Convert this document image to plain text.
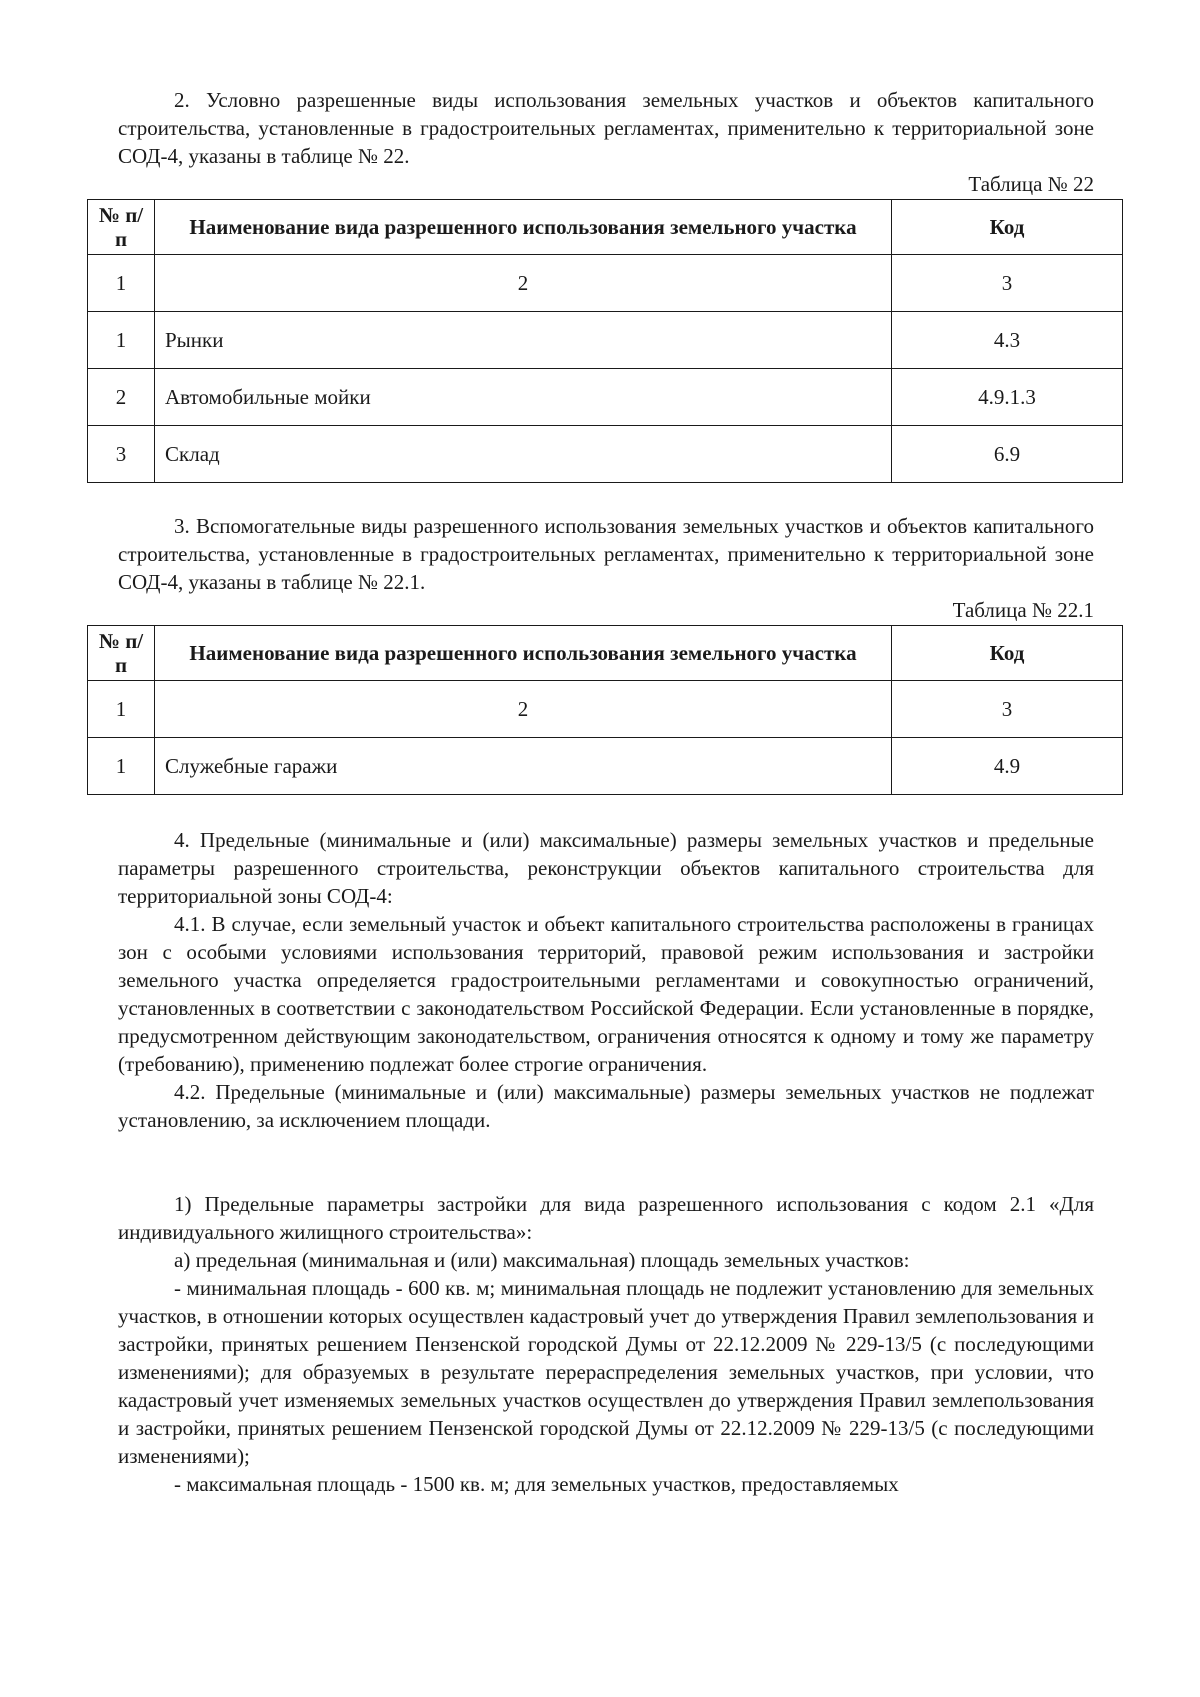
2. Условно разрешенные виды использования земельных участков и объектов капитального строительства, установленные в градостроительных регламентах, применительно к территориальной зоне СОД-4, указаны в таблице № 22.

Таблица № 22
№ п/п	Наименование вида разрешенного использования земельного участка	Код
1	2	3
1	Рынки	4.3
2	Автомобильные мойки	4.9.1.3
3	Склад	6.9

3. Вспомогательные виды разрешенного использования земельных участков и объектов капитального строительства, установленные в градостроительных регламентах, применительно к территориальной зоне СОД-4, указаны в таблице № 22.1.

Таблица № 22.1
№ п/п	Наименование вида разрешенного использования земельного участка	Код
1	2	3
1	Служебные гаражи	4.9

4. Предельные (минимальные и (или) максимальные) размеры земельных участков и предельные параметры разрешенного строительства, реконструкции объектов капитального строительства для территориальной зоны СОД-4:

4.1. В случае, если земельный участок и объект капитального строительства расположены в границах зон с особыми условиями использования территорий, правовой режим использования и застройки земельного участка определяется градостроительными регламентами и совокупностью ограничений, установленных в соответствии с законодательством Российской Федерации. Если установленные в порядке, предусмотренном действующим законодательством, ограничения относятся к одному и тому же параметру (требованию), применению подлежат более строгие ограничения.

4.2. Предельные (минимальные и (или) максимальные) размеры земельных участков не подлежат установлению, за исключением площади.

1) Предельные параметры застройки для вида разрешенного использования с кодом 2.1 «Для индивидуального жилищного строительства»:

а) предельная (минимальная и (или) максимальная) площадь земельных участков:

- минимальная площадь - 600 кв. м; минимальная площадь не подлежит установлению для земельных участков, в отношении которых осуществлен кадастровый учет до утверждения Правил землепользования и застройки, принятых решением Пензенской городской Думы от 22.12.2009 № 229-13/5 (с последующими изменениями); для образуемых в результате перераспределения земельных участков, при условии, что кадастровый учет изменяемых земельных участков осуществлен до утверждения Правил землепользования и застройки, принятых решением Пензенской городской Думы от 22.12.2009 № 229-13/5 (с последующими изменениями);

- максимальная площадь - 1500 кв. м; для земельных участков, предоставляемых
